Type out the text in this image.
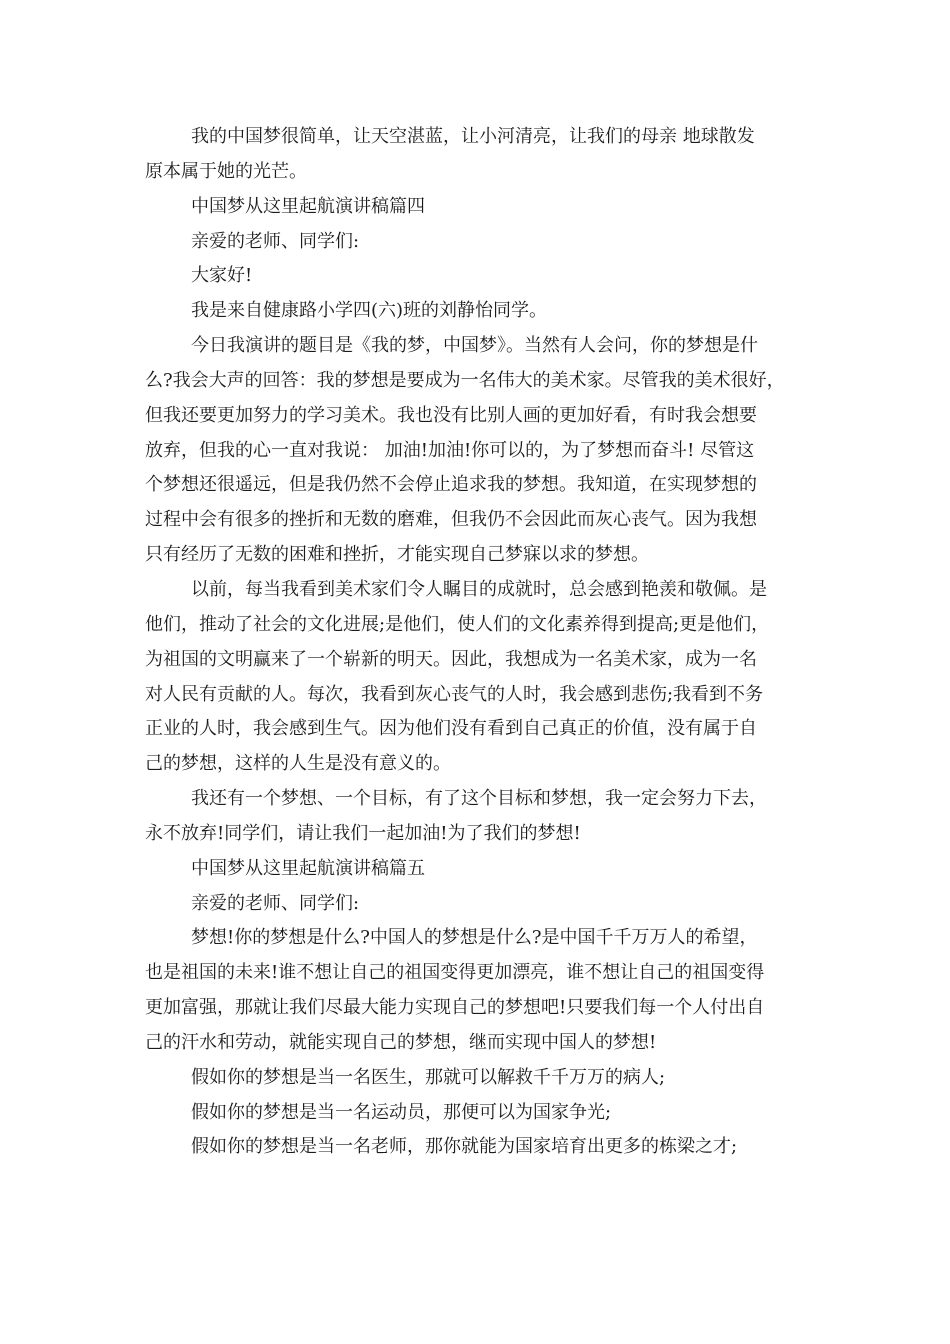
我的中国梦很简单，让天空湛蓝，让小河清亮，让我们的母亲 地球散发
原本属于她的光芒。
中国梦从这里起航演讲稿篇四
亲爱的老师、同学们:
大家好!
我是来自健康路小学四(六)班的刘静怡同学。
今日我演讲的题目是《我的梦，中国梦》。当然有人会问，你的梦想是什
么?我会大声的回答：我的梦想是要成为一名伟大的美术家。尽管我的美术很好，
但我还要更加努力的学习美术。我也没有比别人画的更加好看，有时我会想要
放弃，但我的心一直对我说： 加油!加油!你可以的，为了梦想而奋斗! 尽管这
个梦想还很遥远，但是我仍然不会停止追求我的梦想。我知道，在实现梦想的
过程中会有很多的挫折和无数的磨难，但我仍不会因此而灰心丧气。因为我想
只有经历了无数的困难和挫折，才能实现自己梦寐以求的梦想。
以前，每当我看到美术家们令人瞩目的成就时，总会感到艳羡和敬佩。是
他们，推动了社会的文化进展;是他们，使人们的文化素养得到提高;更是他们，
为祖国的文明赢来了一个崭新的明天。因此，我想成为一名美术家，成为一名
对人民有贡献的人。每次，我看到灰心丧气的人时，我会感到悲伤;我看到不务
正业的人时，我会感到生气。因为他们没有看到自己真正的价值，没有属于自
己的梦想，这样的人生是没有意义的。
我还有一个梦想、一个目标，有了这个目标和梦想，我一定会努力下去，
永不放弃!同学们，请让我们一起加油!为了我们的梦想!
中国梦从这里起航演讲稿篇五
亲爱的老师、同学们:
梦想!你的梦想是什么?中国人的梦想是什么?是中国千千万万人的希望，
也是祖国的未来!谁不想让自己的祖国变得更加漂亮，谁不想让自己的祖国变得
更加富强，那就让我们尽最大能力实现自己的梦想吧!只要我们每一个人付出自
己的汗水和劳动，就能实现自己的梦想，继而实现中国人的梦想!
假如你的梦想是当一名医生，那就可以解救千千万万的病人;
假如你的梦想是当一名运动员，那便可以为国家争光;
假如你的梦想是当一名老师，那你就能为国家培育出更多的栋梁之才;
